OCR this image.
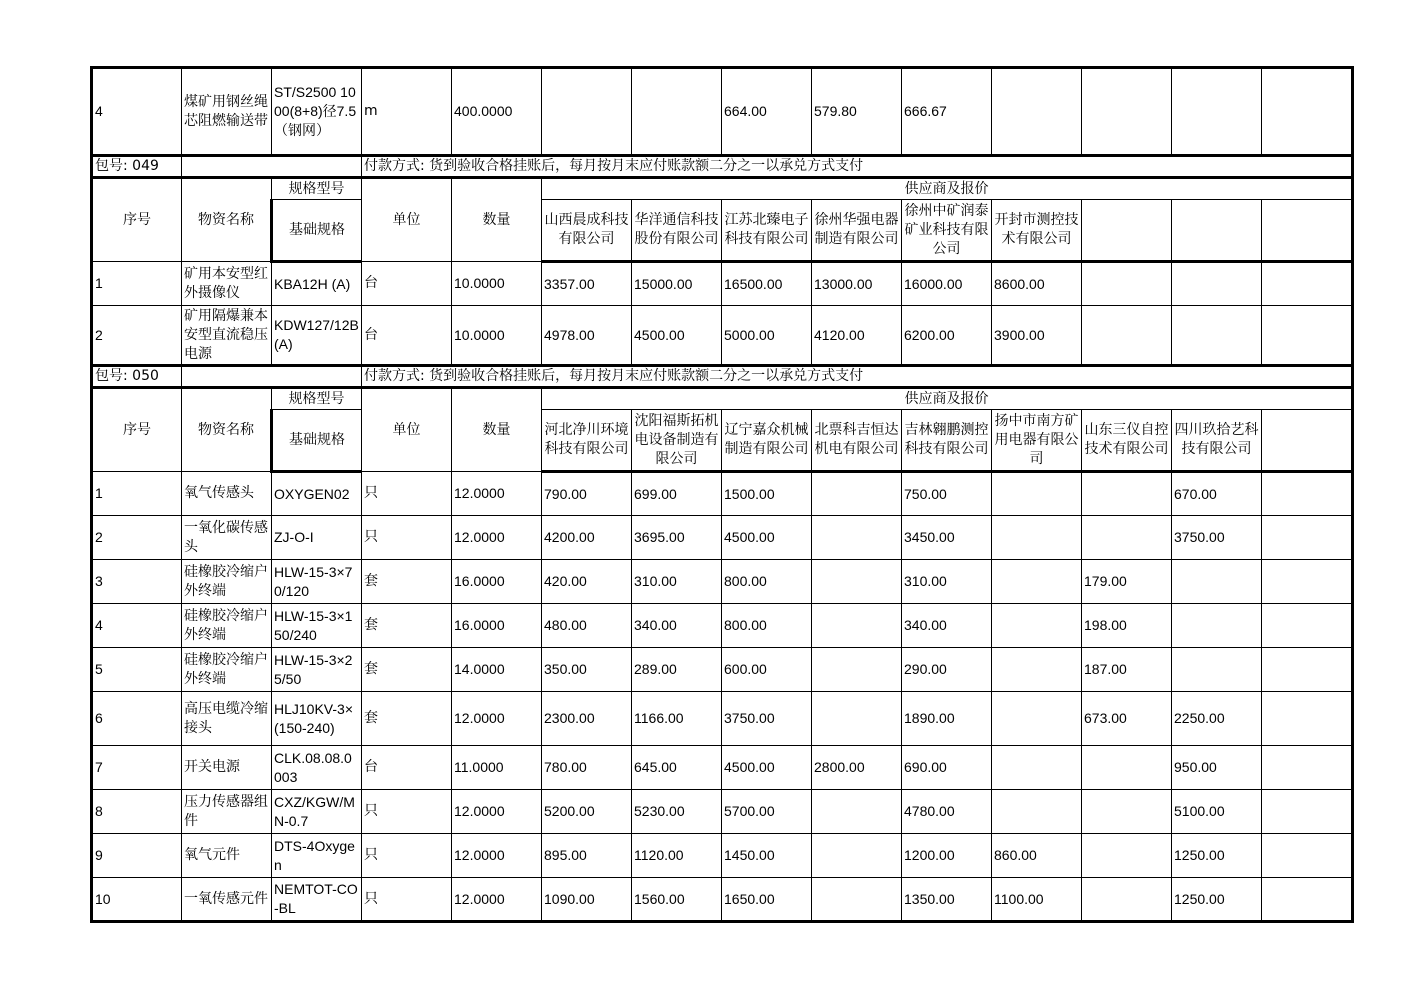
4	煤矿用钢丝绳芯阻燃输送带	ST/S2500 1000(8+8)径7.5（钢网）	m	400.0000			664.00	579.80	666.67				
包号: 049			付款方式: 货到验收合格挂账后，每月按月末应付账款额二分之一以承兑方式支付										
序号	物资名称	规格型号	单位	数量	供应商及报价								
		基础规格			山西晨成科技有限公司	华洋通信科技股份有限公司	江苏北臻电子科技有限公司	徐州华强电器制造有限公司	徐州中矿润泰矿业科技有限公司	开封市测控技术有限公司			
1	矿用本安型红外摄像仪	KBA12H (A)	台	10.0000	3357.00	15000.00	16500.00	13000.00	16000.00	8600.00			
2	矿用隔爆兼本安型直流稳压电源	KDW127/12B(A)	台	10.0000	4978.00	4500.00	5000.00	4120.00	6200.00	3900.00			
包号: 050			付款方式: 货到验收合格挂账后，每月按月末应付账款额二分之一以承兑方式支付										
序号	物资名称	规格型号	单位	数量	供应商及报价								
		基础规格			河北净川环境科技有限公司	沈阳福斯拓机电设备制造有限公司	辽宁嘉众机械制造有限公司	北票科吉恒达机电有限公司	吉林翱鹏测控科技有限公司	扬中市南方矿用电器有限公司	山东三仪自控技术有限公司	四川玖拾艺科技有限公司	
1	氧气传感头	OXYGEN02	只	12.0000	790.00	699.00	1500.00		750.00			670.00	
2	一氧化碳传感头	ZJ-O-I	只	12.0000	4200.00	3695.00	4500.00		3450.00			3750.00	
3	硅橡胶冷缩户外终端	HLW-15-3×70/120	套	16.0000	420.00	310.00	800.00		310.00		179.00		
4	硅橡胶冷缩户外终端	HLW-15-3×150/240	套	16.0000	480.00	340.00	800.00		340.00		198.00		
5	硅橡胶冷缩户外终端	HLW-15-3×25/50	套	14.0000	350.00	289.00	600.00		290.00		187.00		
6	高压电缆冷缩接头	HLJ10KV-3×(150-240)	套	12.0000	2300.00	1166.00	3750.00		1890.00		673.00	2250.00	
7	开关电源	CLK.08.08.0003	台	11.0000	780.00	645.00	4500.00	2800.00	690.00			950.00	
8	压力传感器组件	CXZ/KGW/MN-0.7	只	12.0000	5200.00	5230.00	5700.00		4780.00			5100.00	
9	氧气元件	DTS-4Oxygen	只	12.0000	895.00	1120.00	1450.00		1200.00	860.00		1250.00	
10	一氧传感元件	NEMTOT-CO-BL	只	12.0000	1090.00	1560.00	1650.00		1350.00	1100.00		1250.00	
